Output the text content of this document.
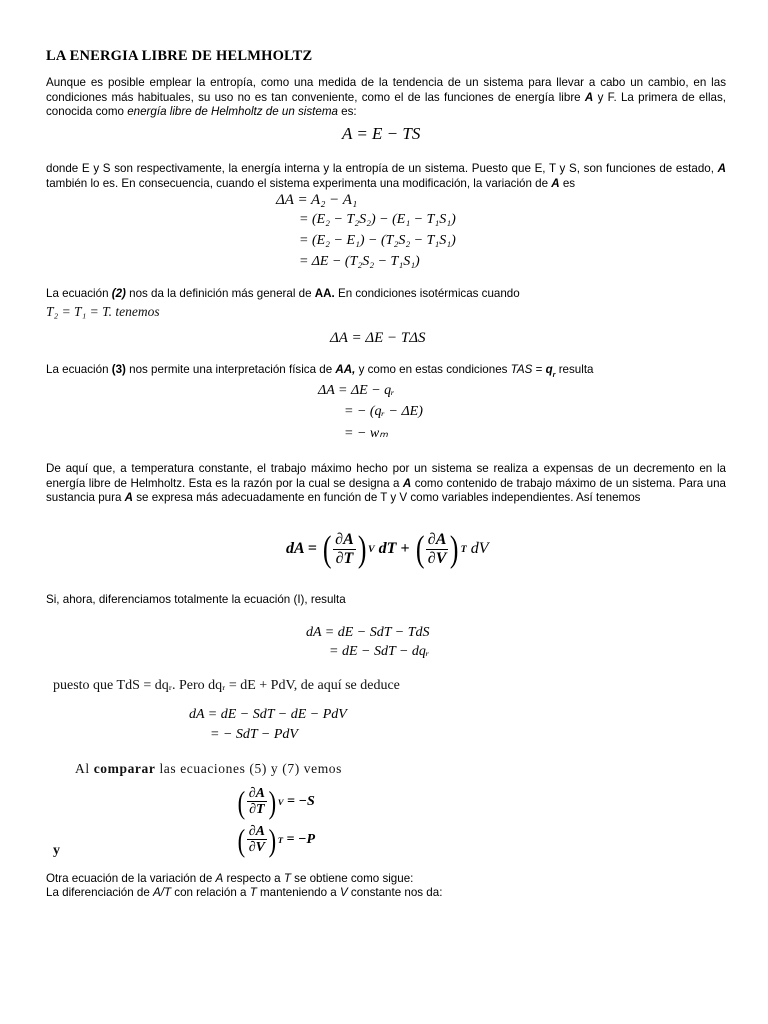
LA ENERGIA LIBRE DE HELMHOLTZ
Aunque es posible emplear la entropía, como una medida de la tendencia de un sistema para llevar a cabo un cambio, en las condiciones más habituales, su uso no es tan conveniente, como el de las funciones de energía libre A y F. La primera de ellas, conocida como energía libre de Helmholtz de un sistema es:
A = E − TS
donde E y S son respectivamente, la energía interna y la entropía de un sistema. Puesto que E, T y S, son funciones de estado, A también lo es. En consecuencia, cuando el sistema experimenta una modificación, la variación de A es
ΔA = A₂ − A₁
= (E₂ − T₂S₂) − (E₁ − T₁S₁)
= (E₂ − E₁) − (T₂S₂ − T₁S₁)
= ΔE − (T₂S₂ − T₁S₁)
La ecuación (2) nos da la definición más general de AA. En condiciones isotérmicas cuando
T₂ = T₁ = T. tenemos
ΔA = ΔE − TΔS
La ecuación (3) nos permite una interpretación física de AA, y como en estas condiciones TAS = $q_r$ resulta
ΔA = ΔE − qᵣ
= − (qᵣ − ΔE)
= − wₘ
De aquí que, a temperatura constante, el trabajo máximo hecho por un sistema se realiza a expensas de un decremento en la energía libre de Helmholtz. Esta es la razón por la cual se designa a A como contenido de trabajo máximo de un sistema. Para una sustancia pura A se expresa más adecuadamente en función de T y V como variables independientes. Así tenemos
dA =
( $\frac{\partial A}{\partial T}$ ) V
dT +
( $\frac{\partial A}{\partial V}$ ) T
dV
Si, ahora, diferenciamos totalmente la ecuación (I), resulta
dA = dE − SdT − TdS
= dE − SdT − dqᵣ
puesto que TdS = dqᵣ. Pero dqᵣ = dE + PdV, de aquí se deduce
dA = dE − SdT − dE − PdV
= − SdT − PdV
Al comparar las ecuaciones (5) y (7) vemos
( $\frac{\partial A}{\partial T}$ ) V
= −S
y	( $\frac{\partial A}{\partial V}$ ) T
= −P
Otra ecuación de la variación de A respecto a T se obtiene como sigue:
La diferenciación de A/T con relación a T manteniendo a V constante nos da:
